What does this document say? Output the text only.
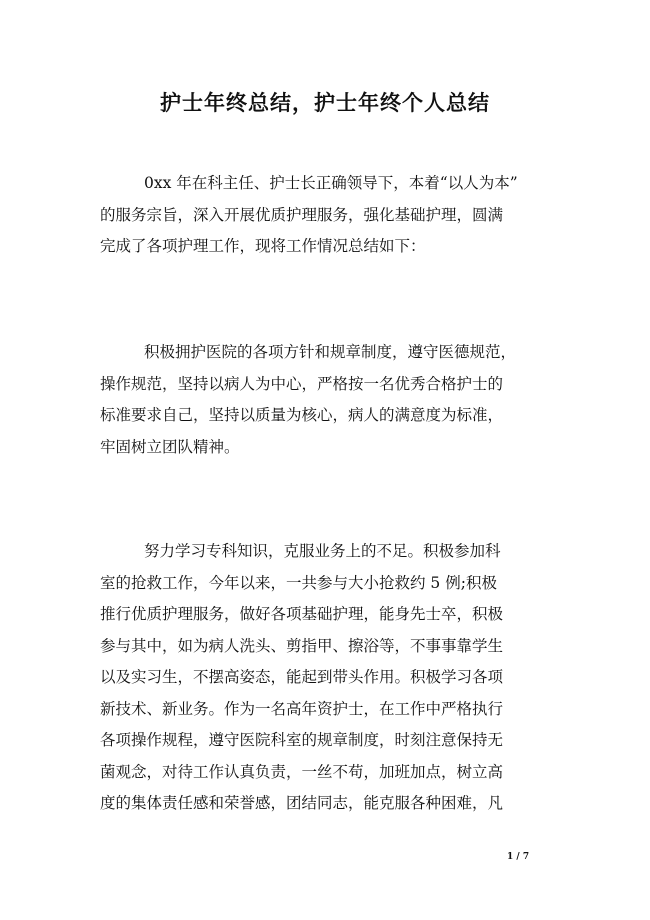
护士年终总结，护士年终个人总结
0xx 年在科主任、护士长正确领导下，本着“以人为本”
的服务宗旨，深入开展优质护理服务，强化基础护理，圆满
完成了各项护理工作，现将工作情况总结如下：
积极拥护医院的各项方针和规章制度，遵守医德规范，
操作规范，坚持以病人为中心，严格按一名优秀合格护士的
标准要求自己，坚持以质量为核心，病人的满意度为标准，
牢固树立团队精神。
努力学习专科知识，克服业务上的不足。积极参加科
室的抢救工作，今年以来，一共参与大小抢救约 5 例;积极
推行优质护理服务，做好各项基础护理，能身先士卒，积极
参与其中，如为病人洗头、剪指甲、擦浴等，不事事靠学生
以及实习生，不摆高姿态，能起到带头作用。积极学习各项
新技术、新业务。作为一名高年资护士，在工作中严格执行
各项操作规程，遵守医院科室的规章制度，时刻注意保持无
菌观念，对待工作认真负责，一丝不苟，加班加点，树立高
度的集体责任感和荣誉感，团结同志，能克服各种困难，凡
1 / 7
